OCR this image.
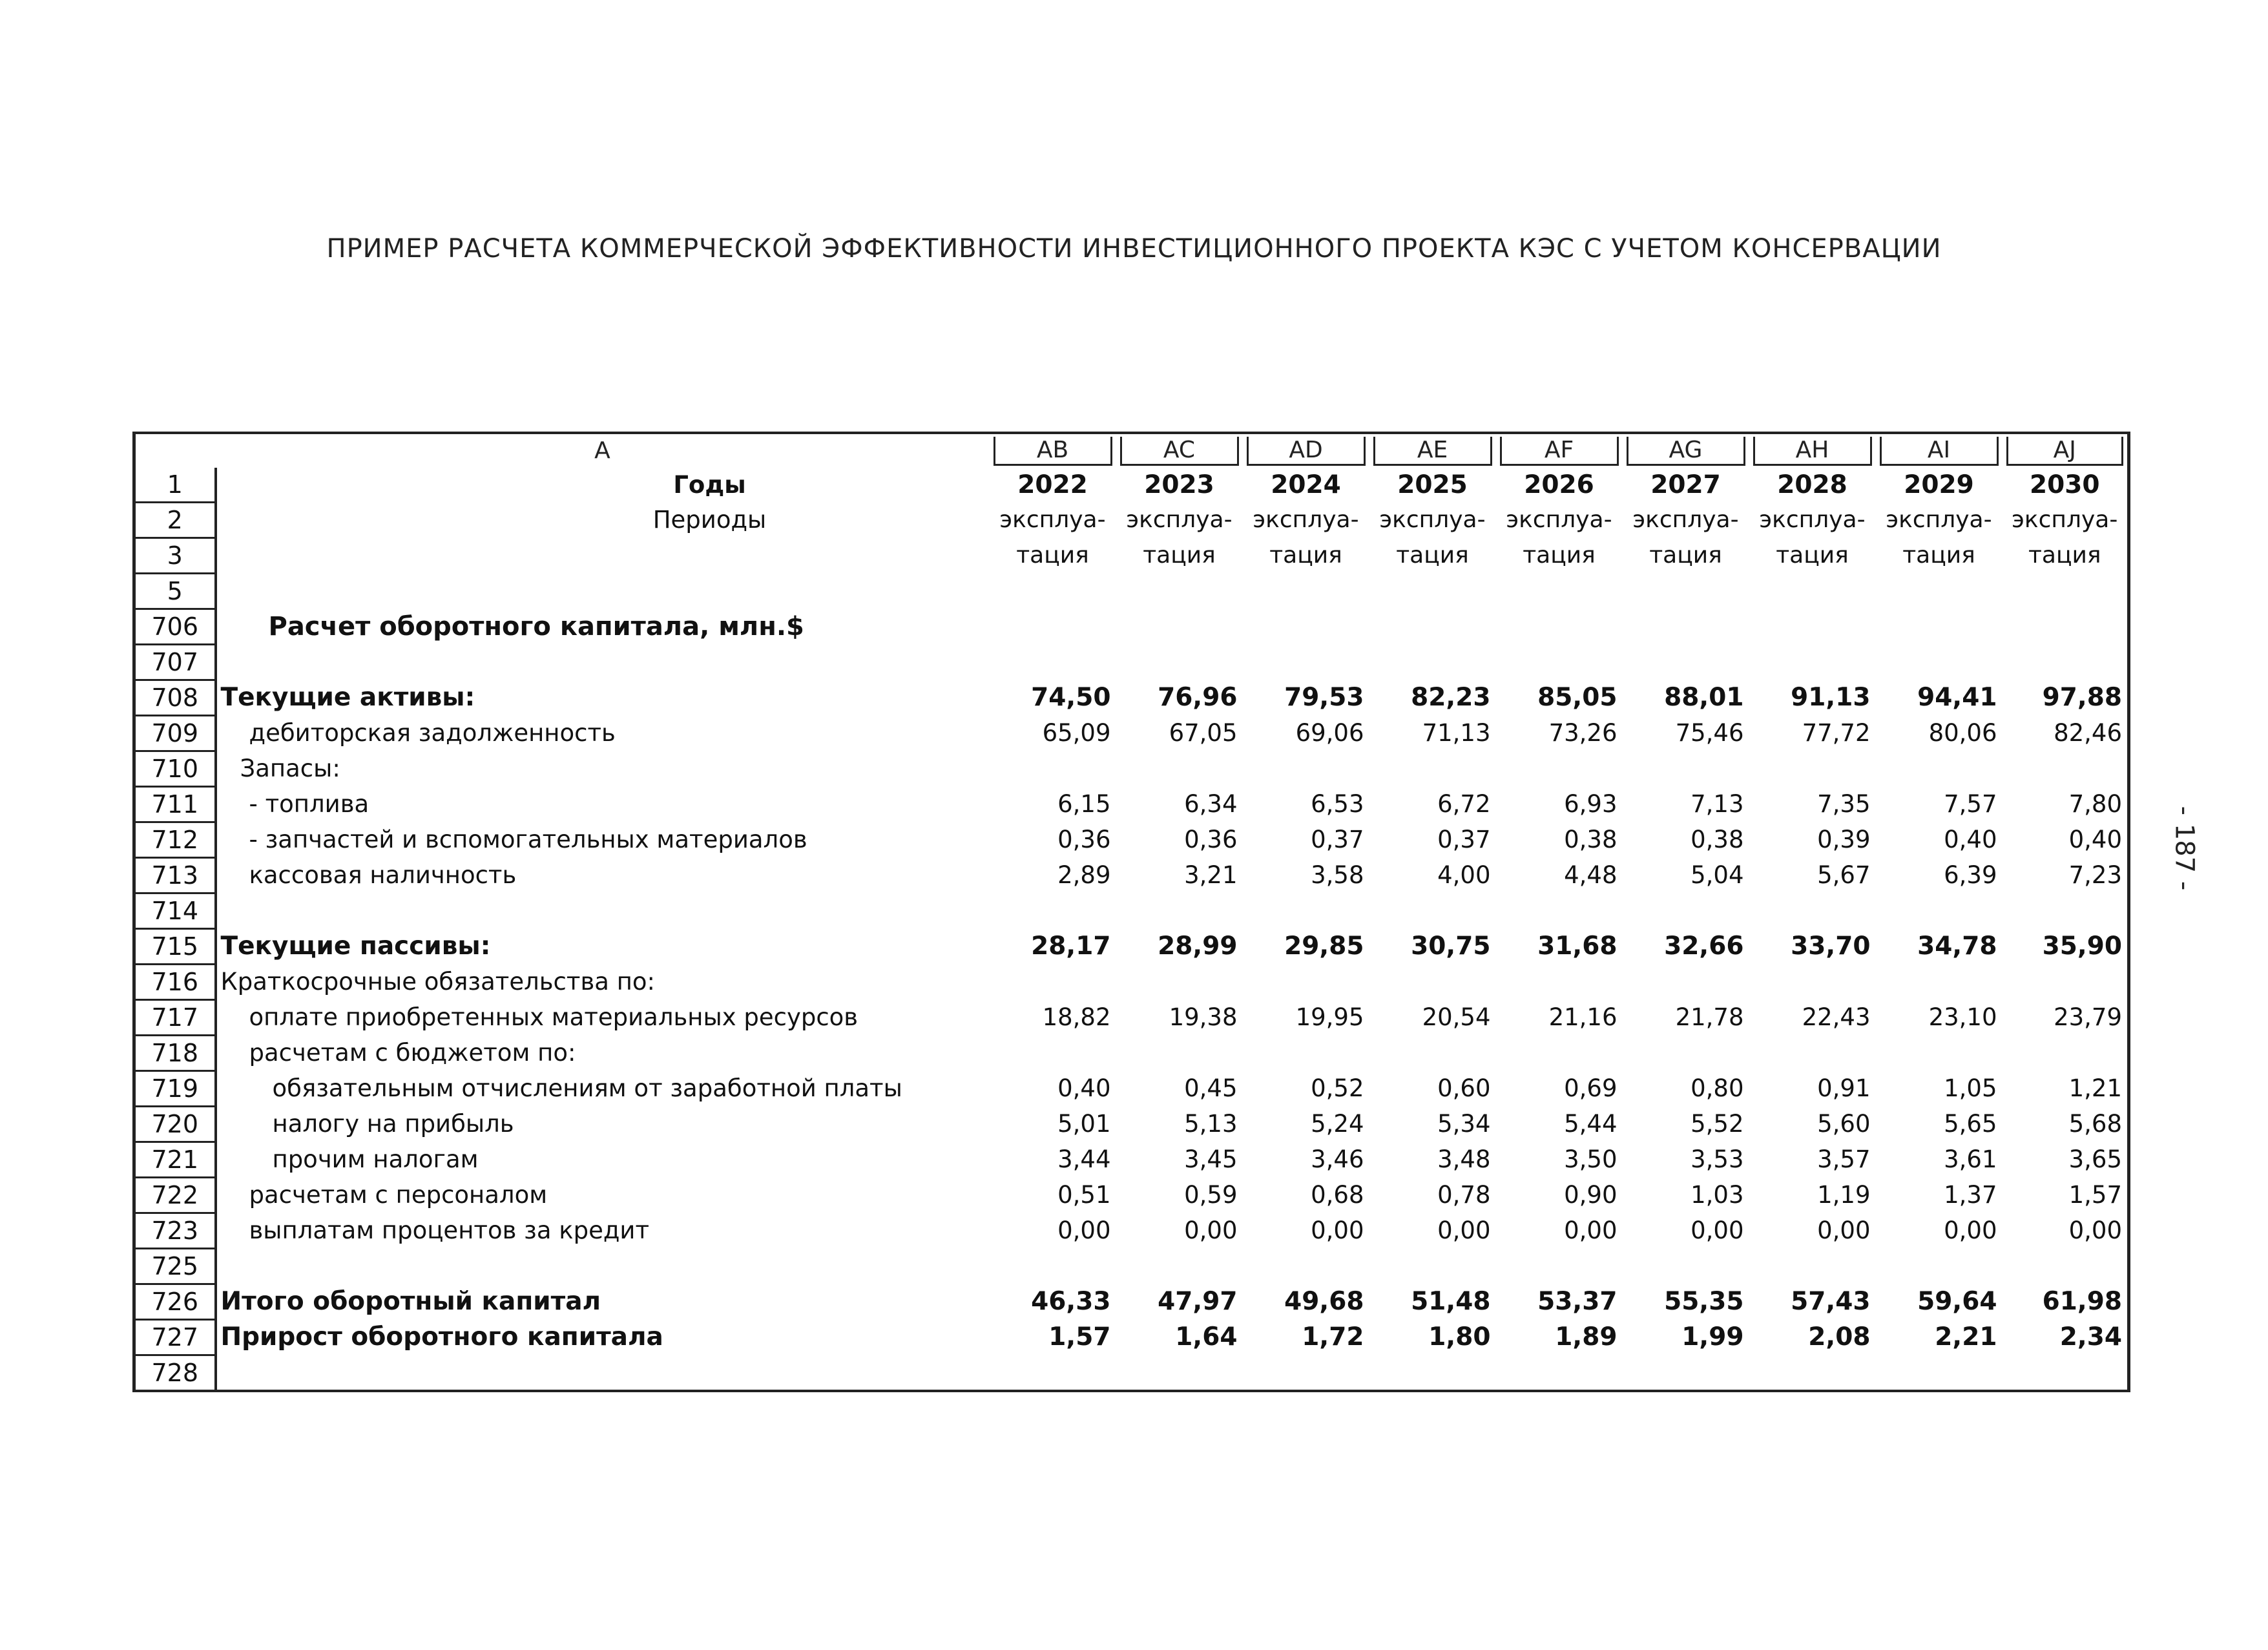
ПРИМЕР РАСЧЕТА КОММЕРЧЕСКОЙ ЭФФЕКТИВНОСТИ ИНВЕСТИЦИОННОГО ПРОЕКТА КЭС С УЧЕТОМ КОНСЕРВАЦИИ
- 187 -
	A	AB	AC	AD	AE	AF	AG	AH	AI	AJ

1	Годы	2022	2023	2024	2025	2026	2027	2028	2029	2030
2	Периоды	эксплуа-	эксплуа-	эксплуа-	эксплуа-	эксплуа-	эксплуа-	эксплуа-	эксплуа-	эксплуа-
3		тация	тация	тация	тация	тация	тация	тация	тация	тация
5										
706	Расчет оборотного капитала, млн.$									
707										
708	Текущие активы:	74,50	76,96	79,53	82,23	85,05	88,01	91,13	94,41	97,88
709	дебиторская задолженность	65,09	67,05	69,06	71,13	73,26	75,46	77,72	80,06	82,46
710	Запасы:									
711	- топлива	6,15	6,34	6,53	6,72	6,93	7,13	7,35	7,57	7,80
712	- запчастей и вспомогательных материалов	0,36	0,36	0,37	0,37	0,38	0,38	0,39	0,40	0,40
713	кассовая наличность	2,89	3,21	3,58	4,00	4,48	5,04	5,67	6,39	7,23
714										
715	Текущие пассивы:	28,17	28,99	29,85	30,75	31,68	32,66	33,70	34,78	35,90
716	Краткосрочные обязательства по:									
717	оплате приобретенных материальных ресурсов	18,82	19,38	19,95	20,54	21,16	21,78	22,43	23,10	23,79
718	расчетам с бюджетом по:									
719	обязательным отчислениям от заработной платы	0,40	0,45	0,52	0,60	0,69	0,80	0,91	1,05	1,21
720	налогу на прибыль	5,01	5,13	5,24	5,34	5,44	5,52	5,60	5,65	5,68
721	прочим налогам	3,44	3,45	3,46	3,48	3,50	3,53	3,57	3,61	3,65
722	расчетам с персоналом	0,51	0,59	0,68	0,78	0,90	1,03	1,19	1,37	1,57
723	выплатам процентов за кредит	0,00	0,00	0,00	0,00	0,00	0,00	0,00	0,00	0,00
725										
726	Итого оборотный капитал	46,33	47,97	49,68	51,48	53,37	55,35	57,43	59,64	61,98
727	Прирост оборотного капитала	1,57	1,64	1,72	1,80	1,89	1,99	2,08	2,21	2,34
728										
